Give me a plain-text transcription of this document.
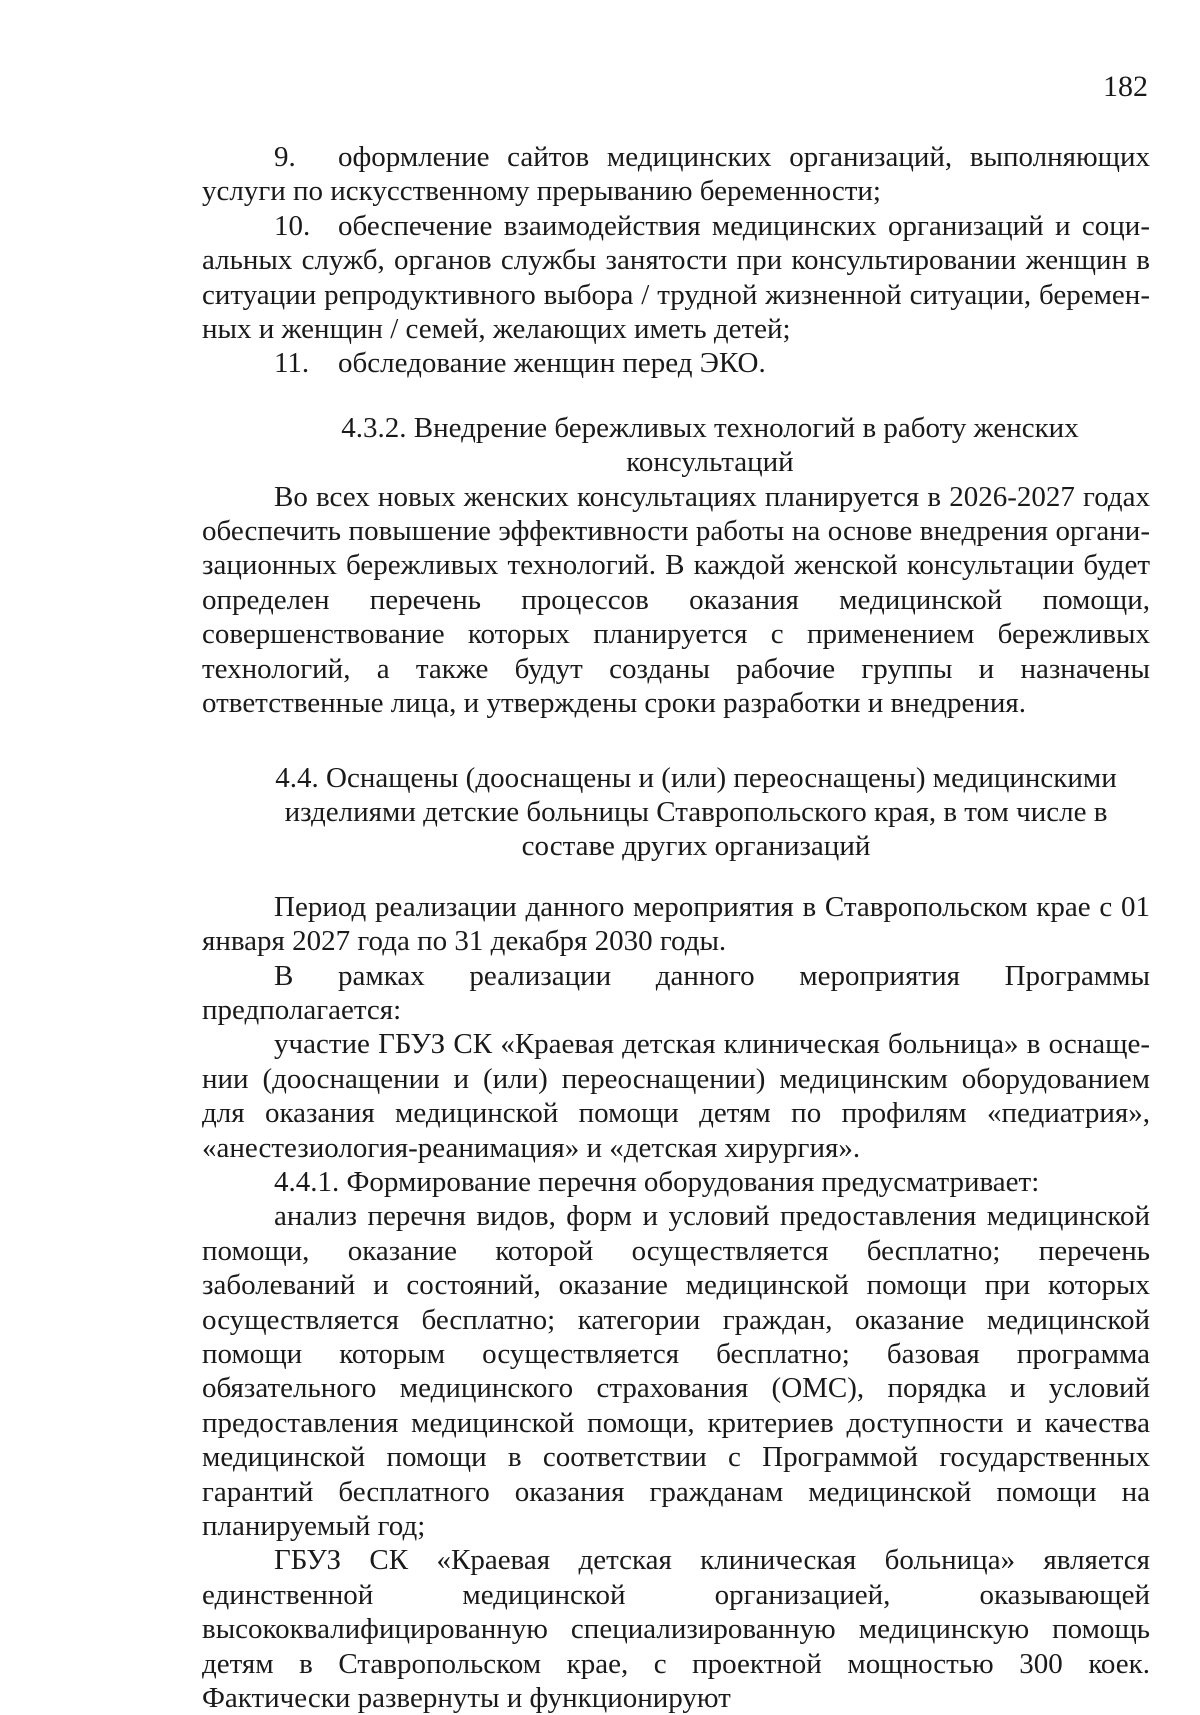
182

9. оформление сайтов медицинских организаций, выполняющих услуги по искусственному прерыванию беременности;

10. обеспечение взаимодействия медицинских организаций и социальных служб, органов службы занятости при консультировании женщин в ситуации репродуктивного выбора / трудной жизненной ситуации, беременных и женщин / семей, желающих иметь детей;

11. обследование женщин перед ЭКО.

4.3.2. Внедрение бережливых технологий в работу женских консультаций

Во всех новых женских консультациях планируется в 2026-2027 годах обеспечить повышение эффективности работы на основе внедрения организационных бережливых технологий. В каждой женской консультации будет определен перечень процессов оказания медицинской помощи, совершенствование которых планируется с применением бережливых технологий, а также будут созданы рабочие группы и назначены ответственные лица, и утверждены сроки разработки и внедрения.

4.4. Оснащены (дооснащены и (или) переоснащены) медицинскими изделиями детские больницы Ставропольского края, в том числе в составе других организаций

Период реализации данного мероприятия в Ставропольском крае с 01 января 2027 года по 31 декабря 2030 годы.

В рамках реализации данного мероприятия Программы предполагается:

участие ГБУЗ СК «Краевая детская клиническая больница» в оснащении (дооснащении и (или) переоснащении) медицинским оборудованием для оказания медицинской помощи детям по профилям «педиатрия», «анестезиология-реанимация» и «детская хирургия».

4.4.1. Формирование перечня оборудования предусматривает:

анализ перечня видов, форм и условий предоставления медицинской помощи, оказание которой осуществляется бесплатно; перечень заболеваний и состояний, оказание медицинской помощи при которых осуществляется бесплатно; категории граждан, оказание медицинской помощи которым осуществляется бесплатно; базовая программа обязательного медицинского страхования (ОМС), порядка и условий предоставления медицинской помощи, критериев доступности и качества медицинской помощи в соответствии с Программой государственных гарантий бесплатного оказания гражданам медицинской помощи на планируемый год;

ГБУЗ СК «Краевая детская клиническая больница» является единственной медицинской организацией, оказывающей высококвалифицированную специализированную медицинскую помощь детям в Ставропольском крае, с проектной мощностью 300 коек. Фактически развернуты и функционируют
